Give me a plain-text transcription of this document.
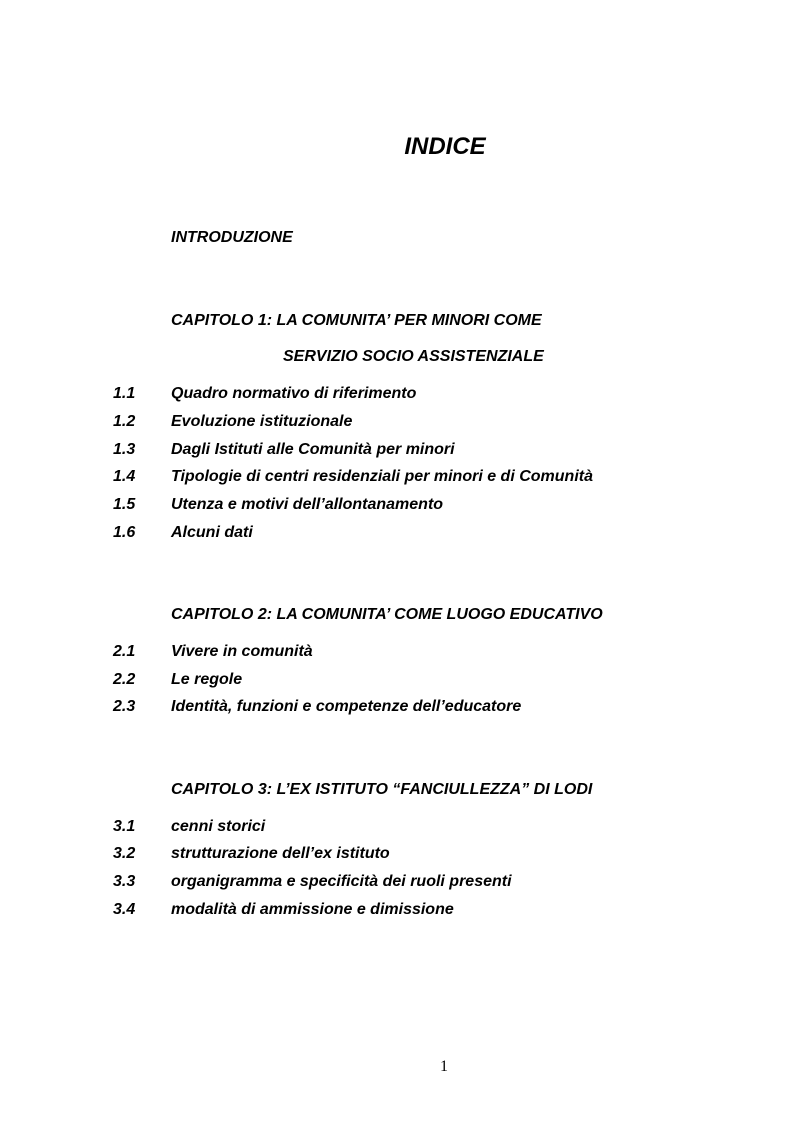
INDICE
INTRODUZIONE
CAPITOLO 1: LA COMUNITA’ PER MINORI COME
SERVIZIO SOCIO ASSISTENZIALE
1.1 Quadro normativo di riferimento
1.2 Evoluzione istituzionale
1.3 Dagli Istituti alle Comunità per minori
1.4 Tipologie di centri residenziali per minori e di Comunità
1.5 Utenza e motivi dell’allontanamento
1.6 Alcuni dati
CAPITOLO 2: LA COMUNITA’ COME LUOGO EDUCATIVO
2.1 Vivere in comunità
2.2 Le regole
2.3 Identità, funzioni e competenze dell’educatore
CAPITOLO 3: L’EX ISTITUTO “FANCIULLEZZA” DI LODI
3.1 cenni storici
3.2 strutturazione dell’ex istituto
3.3 organigramma e specificità dei ruoli presenti
3.4 modalità di ammissione e dimissione
1
